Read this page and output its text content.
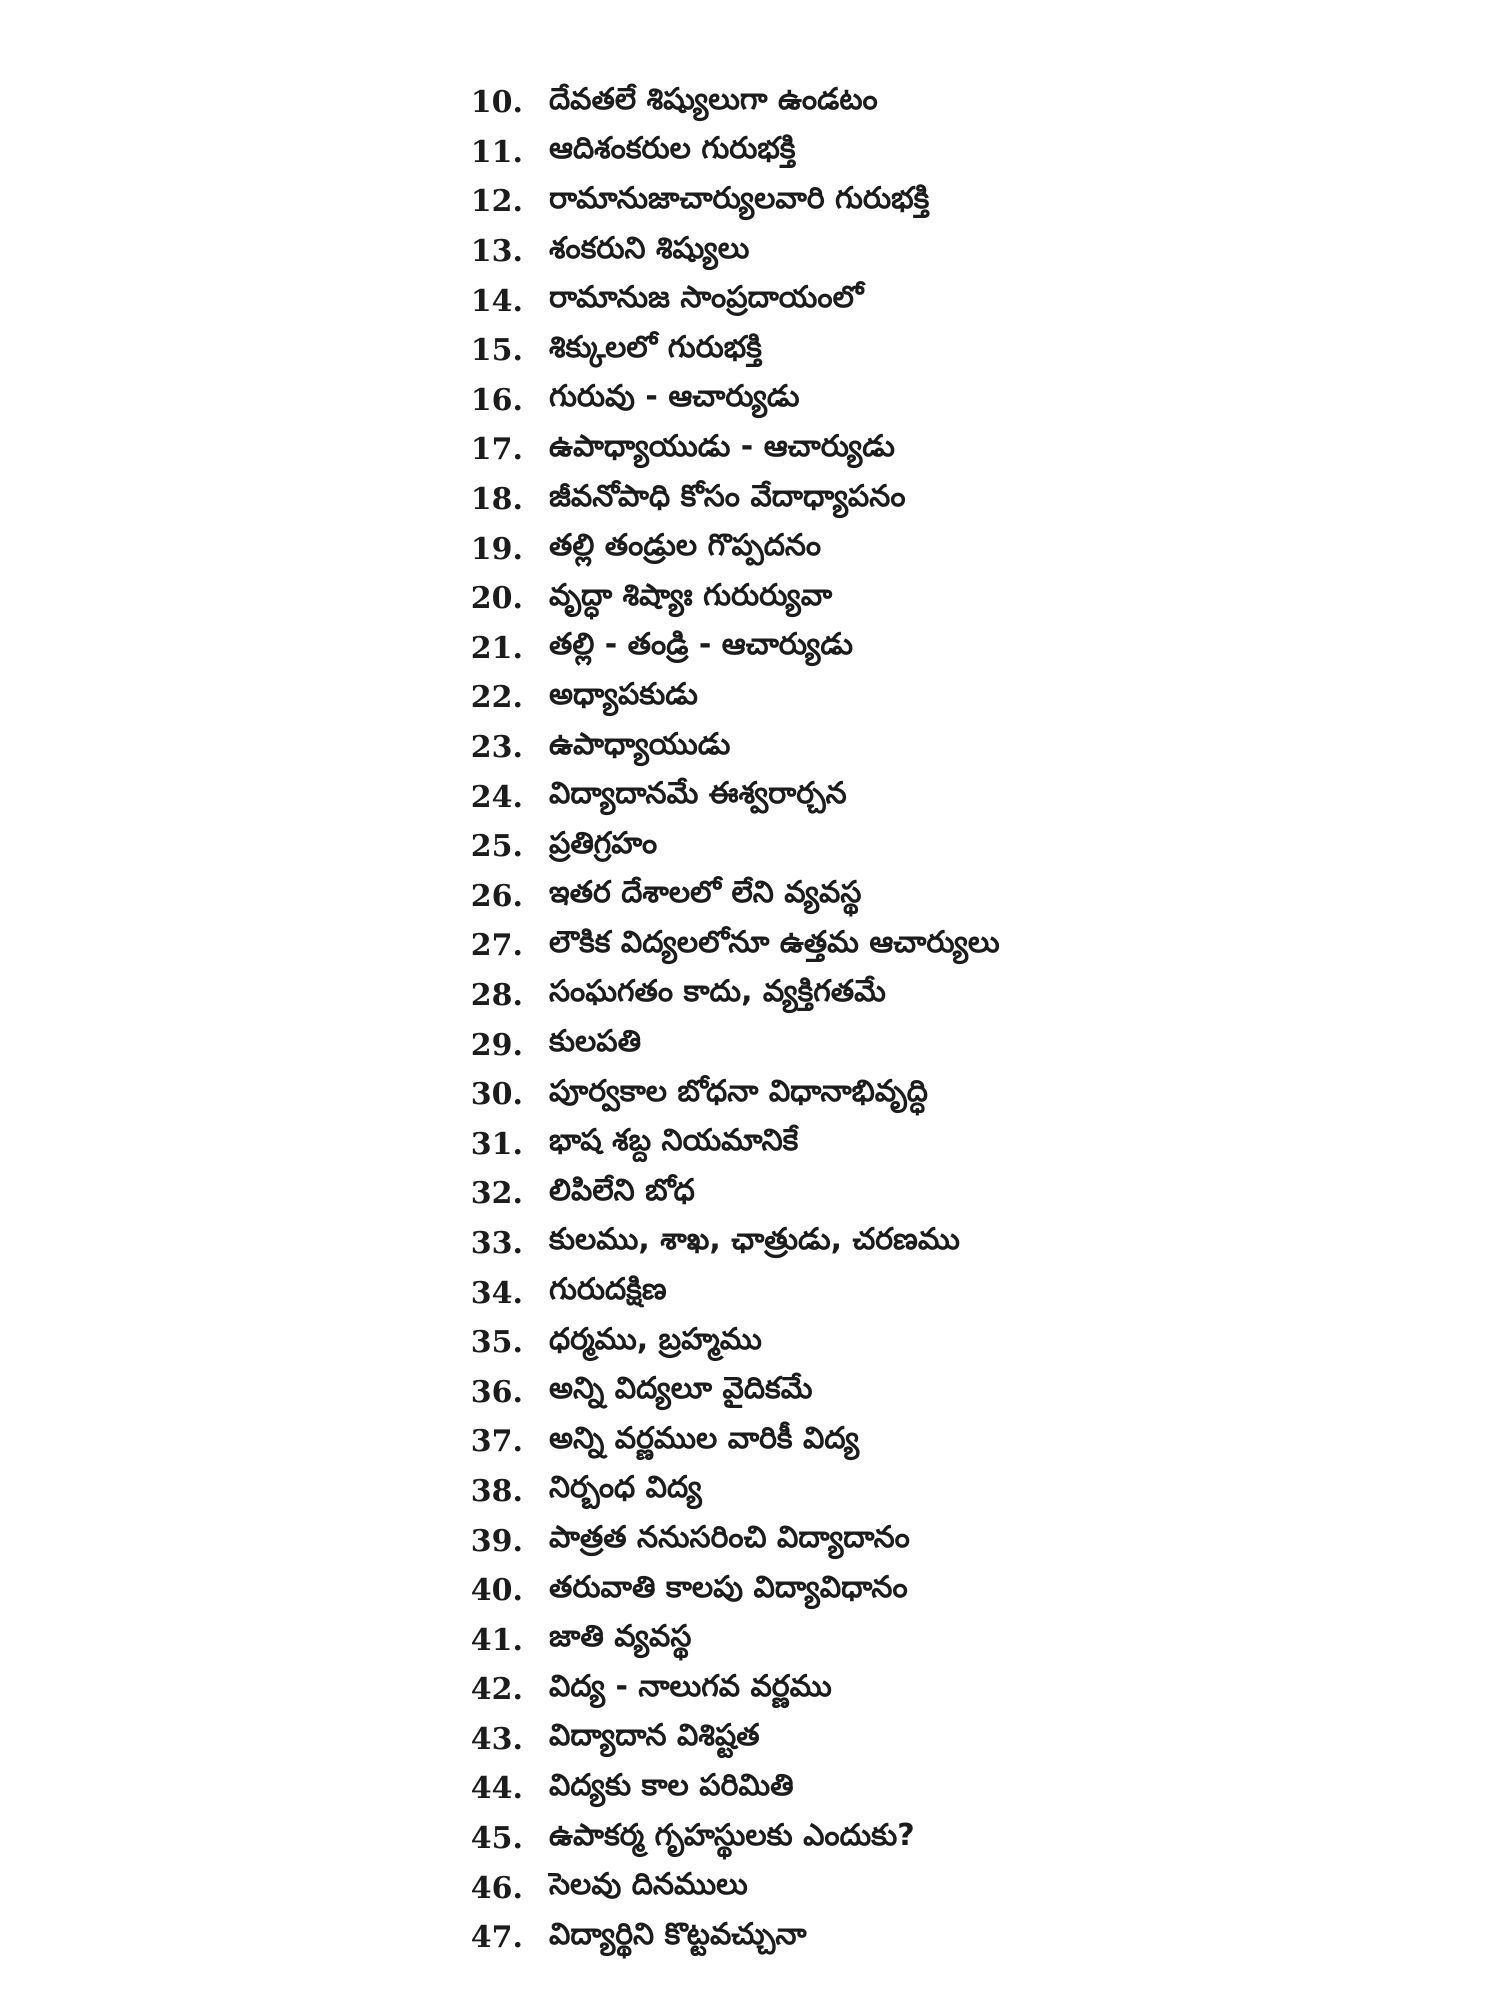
10. దేవతలే శిష్యులుగా ఉండటం
11. ఆదిశంకరుల గురుభక్తి
12. రామానుజాచార్యులవారి గురుభక్తి
13. శంకరుని శిష్యులు
14. రామానుజ సాంప్రదాయంలో
15. శిక్కులలో గురుభక్తి
16. గురువు - ఆచార్యుడు
17. ఉపాధ్యాయుడు - ఆచార్యుడు
18. జీవనోపాధి కోసం వేదాధ్యాపనం
19. తల్లి తండ్రుల గొప్పదనం
20. వృద్ధా శిష్యాః గురుర్యువా
21. తల్లి - తండ్రి - ఆచార్యుడు
22. అధ్యాపకుడు
23. ఉపాధ్యాయుడు
24. విద్యాదానమే ఈశ్వరార్చన
25. ప్రతిగ్రహం
26. ఇతర దేశాలలో లేని వ్యవస్థ
27. లౌకిక విద్యలలోనూ ఉత్తమ ఆచార్యులు
28. సంఘగతం కాదు, వ్యక్తిగతమే
29. కులపతి
30. పూర్వకాల బోధనా విధానాభివృద్ధి
31. భాష శబ్ద నియమానికే
32. లిపిలేని బోధ
33. కులము, శాఖ, ఛాత్రుడు, చరణము
34. గురుదక్షిణ
35. ధర్మము, బ్రహ్మము
36. అన్ని విద్యలూ వైదికమే
37. అన్ని వర్ణముల వారికీ విద్య
38. నిర్బంధ విద్య
39. పాత్రత ననుసరించి విద్యాదానం
40. తరువాతి కాలపు విద్యావిధానం
41. జాతి వ్యవస్థ
42. విద్య - నాలుగవ వర్ణము
43. విద్యాదాన విశిష్టత
44. విద్యకు కాల పరిమితి
45. ఉపాకర్మ గృహస్థులకు ఎందుకు?
46. సెలవు దినములు
47. విద్యార్థిని కొట్టవచ్చునా
